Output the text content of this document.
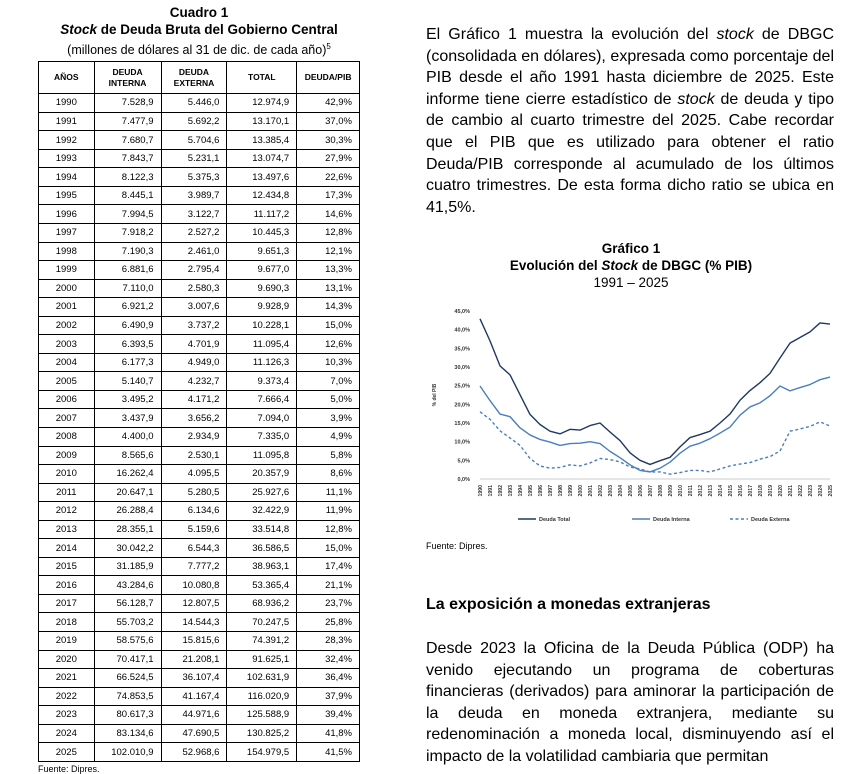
Cuadro 1
Stock de Deuda Bruta del Gobierno Central
(millones de dólares al 31 de dic. de cada año)$^5$
AÑOS	DEUDA INTERNA	DEUDA EXTERNA	TOTAL	DEUDA/PIB
1990	7.528,9	5.446,0	12.974,9	42,9%
1991	7.477,9	5.692,2	13.170,1	37,0%
1992	7.680,7	5.704,6	13.385,4	30,3%
1993	7.843,7	5.231,1	13.074,7	27,9%
1994	8.122,3	5.375,3	13.497,6	22,6%
1995	8.445,1	3.989,7	12.434,8	17,3%
1996	7.994,5	3.122,7	11.117,2	14,6%
1997	7.918,2	2.527,2	10.445,3	12,8%
1998	7.190,3	2.461,0	9.651,3	12,1%
1999	6.881,6	2.795,4	9.677,0	13,3%
2000	7.110,0	2.580,3	9.690,3	13,1%
2001	6.921,2	3.007,6	9.928,9	14,3%
2002	6.490,9	3.737,2	10.228,1	15,0%
2003	6.393,5	4.701,9	11.095,4	12,6%
2004	6.177,3	4.949,0	11.126,3	10,3%
2005	5.140,7	4.232,7	9.373,4	7,0%
2006	3.495,2	4.171,2	7.666,4	5,0%
2007	3.437,9	3.656,2	7.094,0	3,9%
2008	4.400,0	2.934,9	7.335,0	4,9%
2009	8.565,6	2.530,1	11.095,8	5,8%
2010	16.262,4	4.095,5	20.357,9	8,6%
2011	20.647,1	5.280,5	25.927,6	11,1%
2012	26.288,4	6.134,6	32.422,9	11,9%
2013	28.355,1	5.159,6	33.514,8	12,8%
2014	30.042,2	6.544,3	36.586,5	15,0%
2015	31.185,9	7.777,2	38.963,1	17,4%
2016	43.284,6	10.080,8	53.365,4	21,1%
2017	56.128,7	12.807,5	68.936,2	23,7%
2018	55.703,2	14.544,3	70.247,5	25,8%
2019	58.575,6	15.815,6	74.391,2	28,3%
2020	70.417,1	21.208,1	91.625,1	32,4%
2021	66.524,5	36.107,4	102.631,9	36,4%
2022	74.853,5	41.167,4	116.020,9	37,9%
2023	80.617,3	44.971,6	125.588,9	39,4%
2024	83.134,6	47.690,5	130.825,2	41,8%
2025	102.010,9	52.968,6	154.979,5	41,5%
Fuente: Dipres.

El Gráfico 1 muestra la evolución del stock de DBGC (consolidada en dólares), expresada como porcentaje del PIB desde el año 1991 hasta diciembre de 2025. Este informe tiene cierre estadístico de stock de deuda y tipo de cambio al cuarto trimestre del 2025. Cabe recordar que el PIB que es utilizado para obtener el ratio Deuda/PIB corresponde al acumulado de los últimos cuatro trimestres. De esta forma dicho ratio se ubica en 41,5%.

Gráfico 1
Evolución del Stock de DBGC (% PIB)
1991 – 2025
0,0%
5,0%
10,0%
15,0%
20,0%
25,0%
30,0%
35,0%
40,0%
45,0%
% del PIB
1990 1991 1992 1993 1994 1995 1996 1997 1998 1999 2000 2001 2002 2003 2004 2005 2006 2007 2008 2009 2010 2011 2012 2013 2014 2015 2016 2017 2018 2019 2020 2021 2022 2023 2024 2025
Deuda Total	Deuda Interna	Deuda Externa
Fuente: Dipres.
La exposición a monedas extranjeras

Desde 2023 la Oficina de la Deuda Pública (ODP) ha venido ejecutando un programa de coberturas financieras (derivados) para aminorar la participación de la deuda en moneda extranjera, mediante su redenominación a moneda local, disminuyendo así el impacto de la volatilidad cambiaria que permitan
